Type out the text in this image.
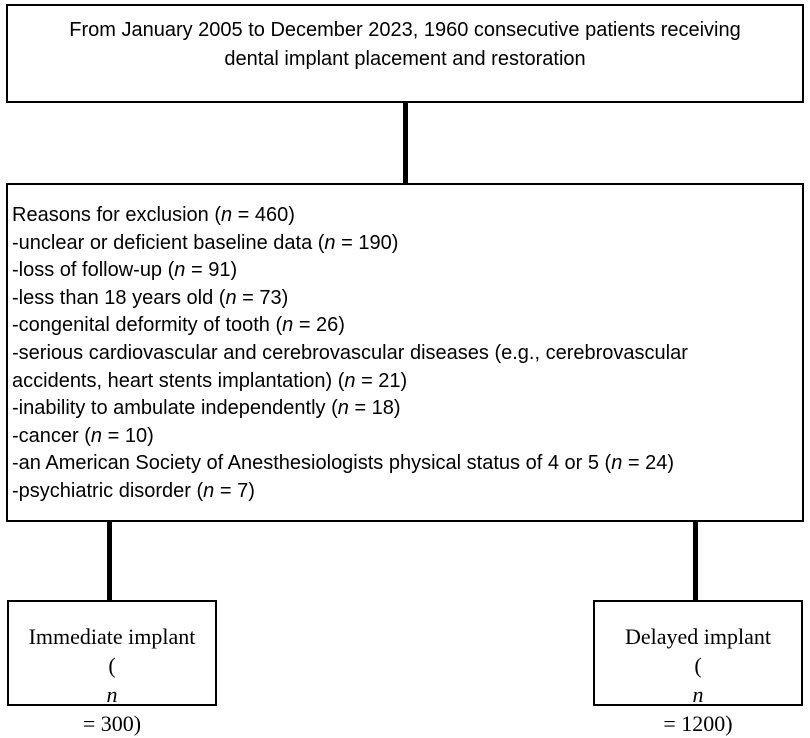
From January 2005 to December 2023, 1960 consecutive patients receiving
dental implant placement and restoration
Reasons for exclusion (n = 460)
-unclear or deficient baseline data (n = 190)
-loss of follow-up (n = 91)
-less than 18 years old (n = 73)
-congenital deformity of tooth (n = 26)
-serious cardiovascular and cerebrovascular diseases (e.g., cerebrovascular
accidents, heart stents implantation) (n = 21)
-inability to ambulate independently (n = 18)
-cancer (n = 10)
-an American Society of Anesthesiologists physical status of 4 or 5 (n = 24)
-psychiatric disorder (n = 7)
Immediate implant
(
n
= 300)
Delayed implant
(
n
= 1200)
